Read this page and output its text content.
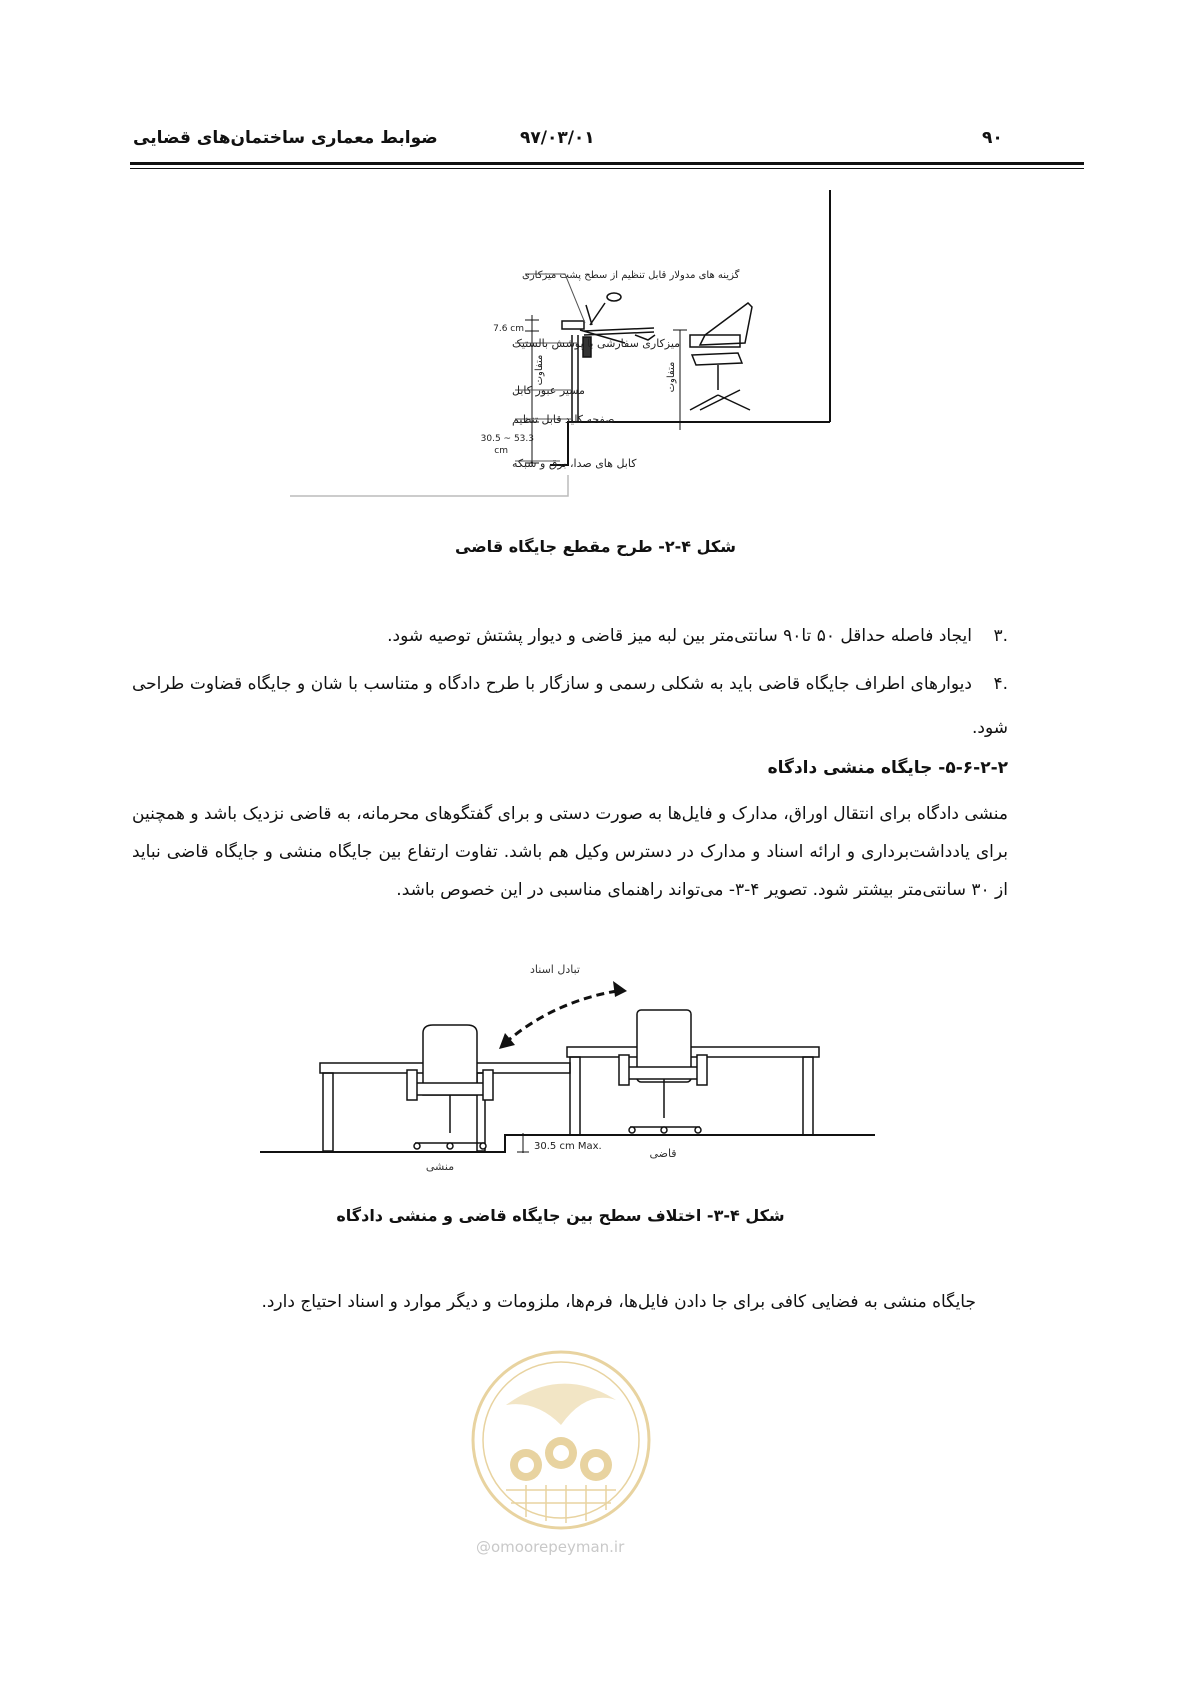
۹۰
۹۷/۰۳/۰۱
ضوابط معماری ساختمان‌های قضایی
گزینه های مدولار قابل تنظیم از سطح پشت میزکاری
میزکاری سفارشی با پوشش بالستیک
مسیر عبور کابل
صفحه کلید قابل تنظیم
کابل های صدا، برق و شبکه
7.6 cm
30.5 ~ 53.3
cm
متفاوت	متفاوت
شکل ۴-۲- طرح مقطع جایگاه قاضی
.۳ایجاد فاصله حداقل ۵۰ تا۹۰ سانتی‌متر بین لبه میز قاضی و دیوار پشتش توصیه شود.
.۴دیوارهای اطراف جایگاه قاضی باید به شکلی رسمی و سازگار با طرح دادگاه و متناسب با شان و جایگاه قضاوت طراحی شود.
۵-۶-۲-۲- جایگاه منشی دادگاه
منشی دادگاه برای انتقال اوراق، مدارک و فایل‌ها به صورت دستی و برای گفتگوهای محرمانه، به قاضی نزدیک باشد و همچنین برای یادداشت‌برداری و ارائه اسناد و مدارک در دسترس وکیل هم باشد. تفاوت ارتفاع بین جایگاه منشی و جایگاه قاضی نباید از ۳۰ سانتی‌متر بیشتر شود. تصویر ۴-۳- می‌تواند راهنمای مناسبی در این خصوص باشد.
30.5 cm Max.
تبادل اسناد
قاضی
منشی
شکل ۴-۳- اختلاف سطح بین جایگاه قاضی و منشی دادگاه
جایگاه منشی به فضایی کافی برای جا دادن فایل‌ها، فرم‌ها، ملزومات و دیگر موارد و اسناد احتیاج دارد.
@omoorepeyman.ir
